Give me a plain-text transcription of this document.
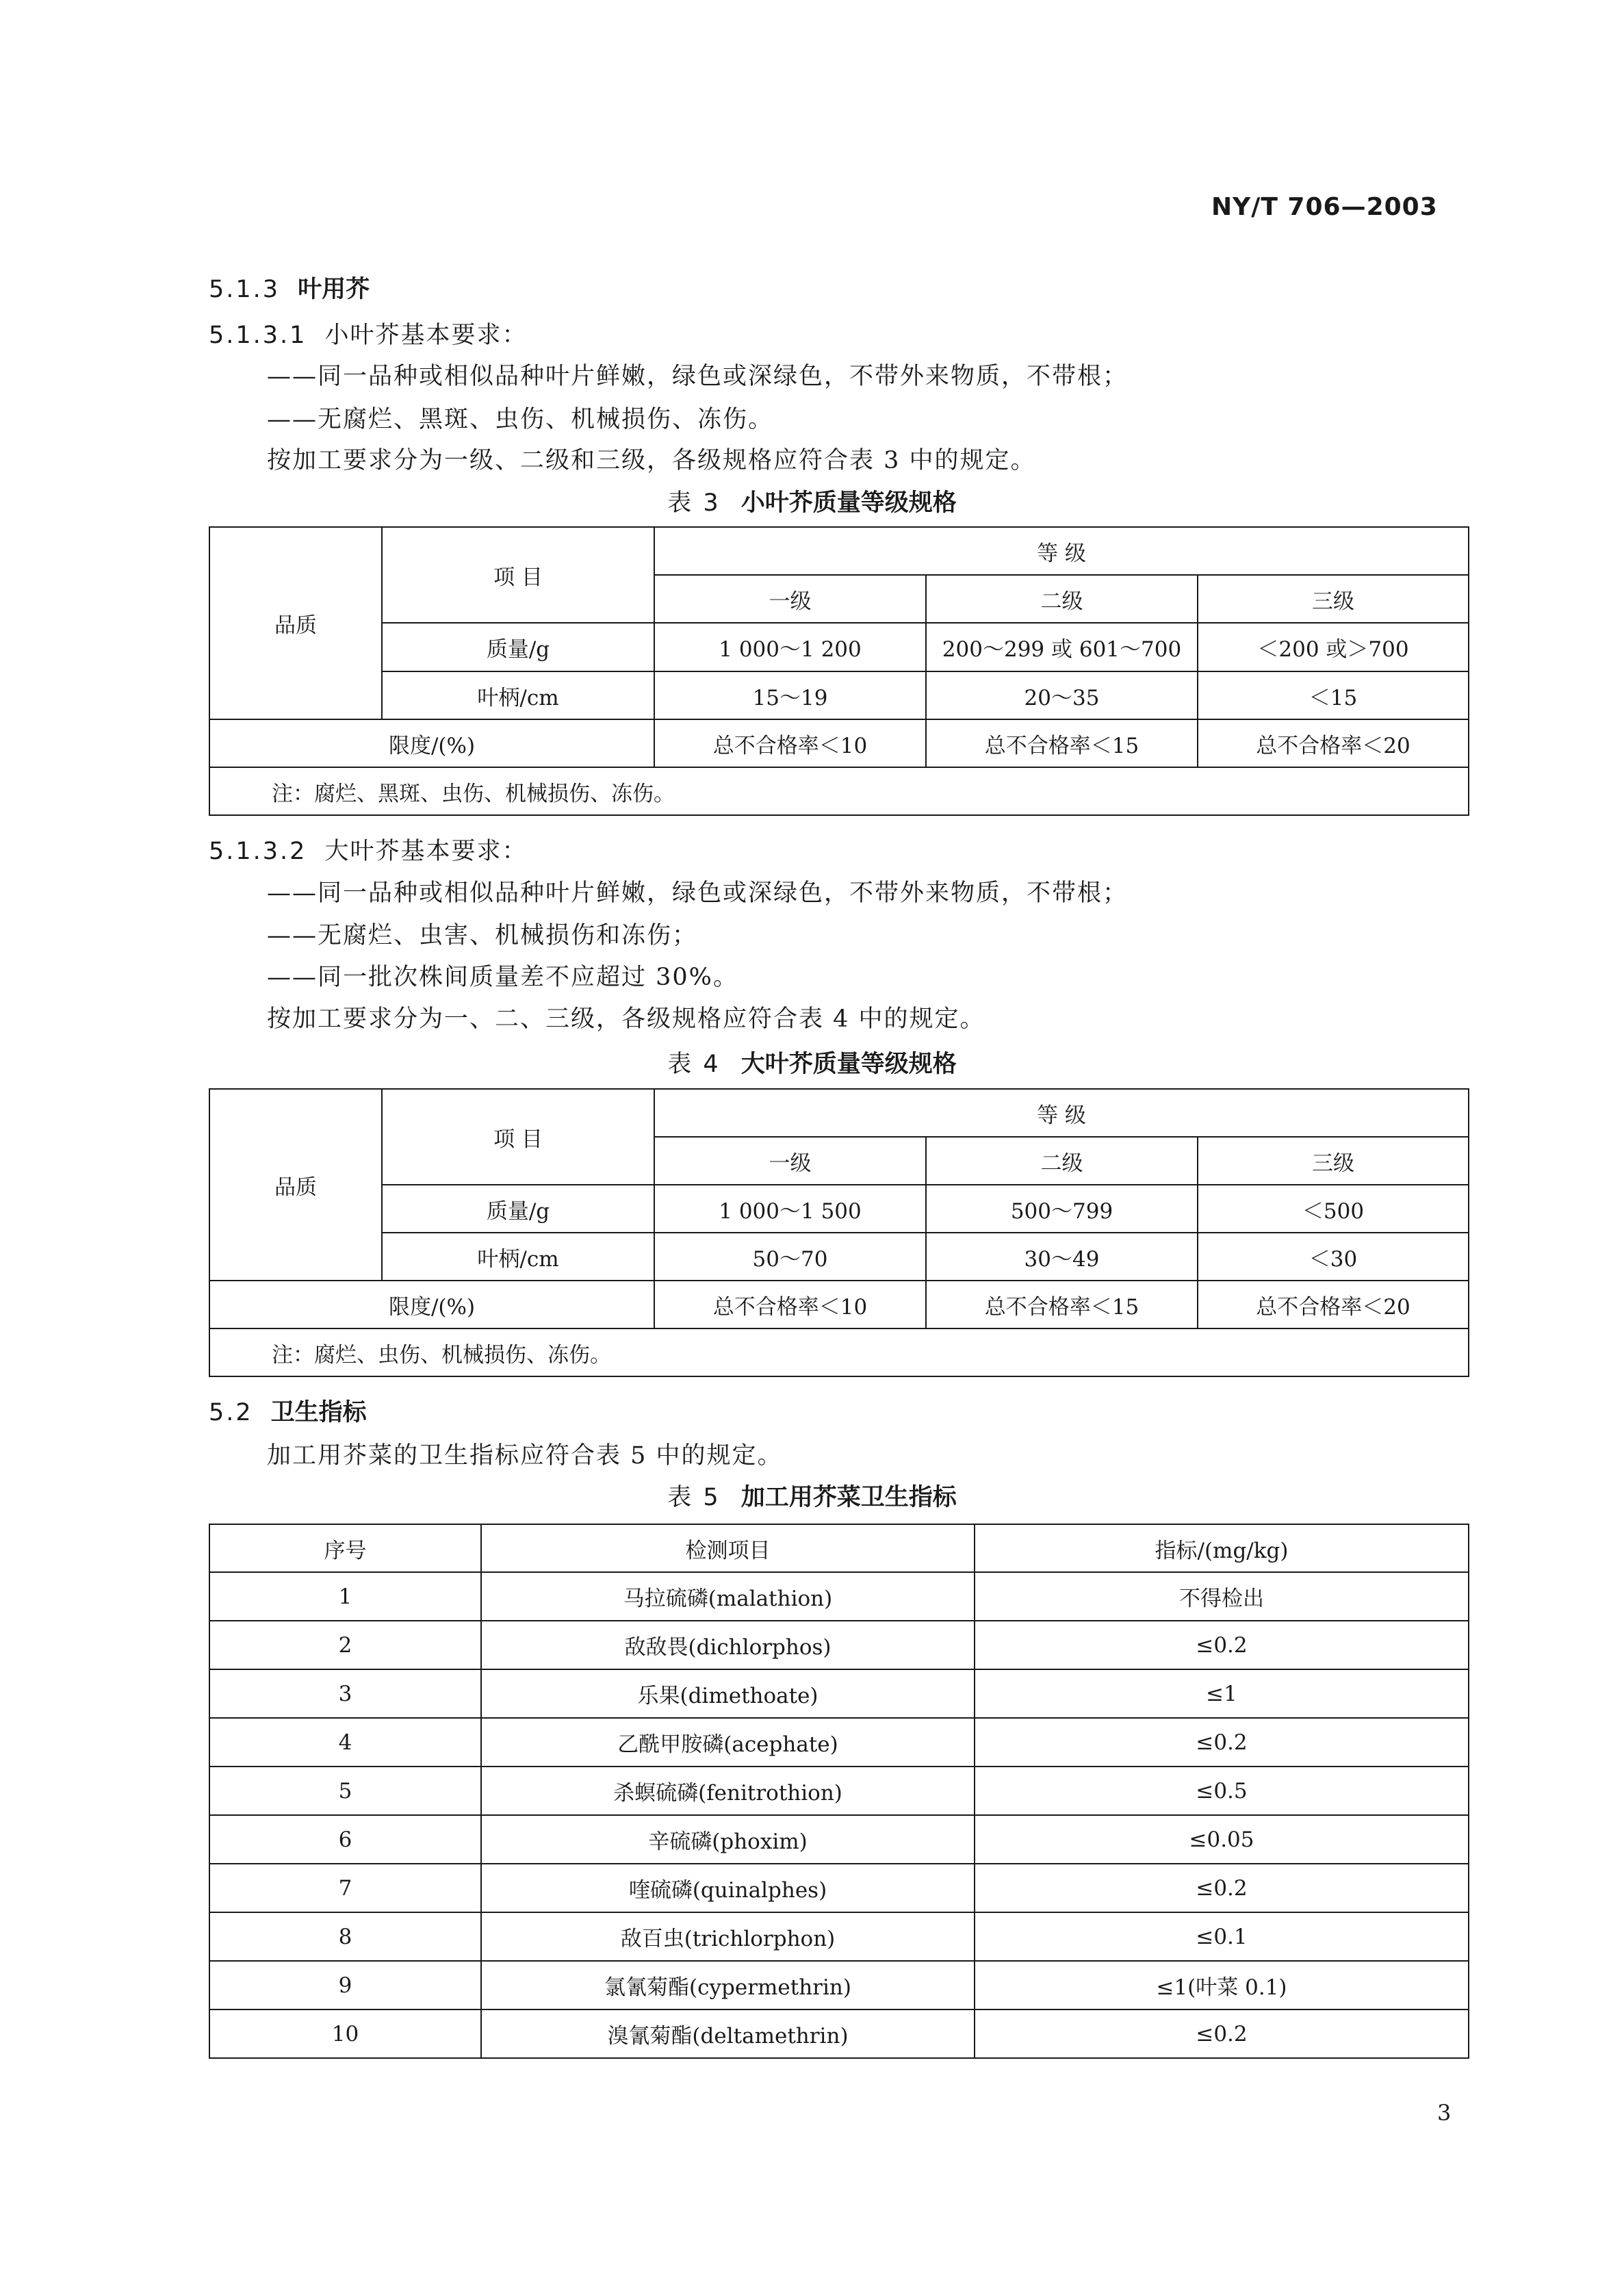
NY/T 706—2003
5.1.3 叶用芥
5.1.3.1 小叶芥基本要求：
——同一品种或相似品种叶片鲜嫩，绿色或深绿色，不带外来物质，不带根；
——无腐烂、黑斑、虫伤、机械损伤、冻伤。
按加工要求分为一级、二级和三级，各级规格应符合表 3 中的规定。
表 3 小叶芥质量等级规格
品质	项 目	等 级		
		一级	二级	三级
	质量/g	1 000～1 200	200～299 或 601～700	＜200 或＞700
	叶柄/cm	15～19	20～35	＜15
限度/(%)		总不合格率＜10	总不合格率＜15	总不合格率＜20
注：腐烂、黑斑、虫伤、机械损伤、冻伤。				
5.1.3.2 大叶芥基本要求：
——同一品种或相似品种叶片鲜嫩，绿色或深绿色，不带外来物质，不带根；
——无腐烂、虫害、机械损伤和冻伤；
——同一批次株间质量差不应超过 30%。
按加工要求分为一、二、三级，各级规格应符合表 4 中的规定。
表 4 大叶芥质量等级规格
品质	项 目	等 级		
		一级	二级	三级
	质量/g	1 000～1 500	500～799	＜500
	叶柄/cm	50～70	30～49	＜30
限度/(%)		总不合格率＜10	总不合格率＜15	总不合格率＜20
注：腐烂、虫伤、机械损伤、冻伤。				
5.2 卫生指标
加工用芥菜的卫生指标应符合表 5 中的规定。
表 5 加工用芥菜卫生指标
序号	检测项目	指标/(mg/kg)
1	马拉硫磷(malathion)	不得检出
2	敌敌畏(dichlorphos)	≤0.2
3	乐果(dimethoate)	≤1
4	乙酰甲胺磷(acephate)	≤0.2
5	杀螟硫磷(fenitrothion)	≤0.5
6	辛硫磷(phoxim)	≤0.05
7	喹硫磷(quinalphes)	≤0.2
8	敌百虫(trichlorphon)	≤0.1
9	氯氰菊酯(cypermethrin)	≤1(叶菜 0.1)
10	溴氰菊酯(deltamethrin)	≤0.2
3
